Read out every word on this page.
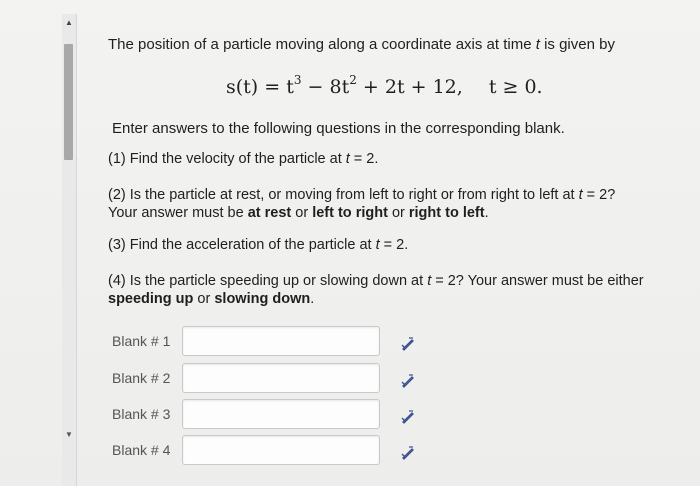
▲
▼
The position of a particle moving along a coordinate axis at time t is given by
$s(t) = t^3 - 8t^2 + 2t + 12$, t ≥ 0.
Enter answers to the following questions in the corresponding blank.
(1) Find the velocity of the particle at t = 2.
(2) Is the particle at rest, or moving from left to right or from right to left at t = 2?
Your answer must be at rest or left to right or right to left.
(3) Find the acceleration of the particle at t = 2.
(4) Is the particle speeding up or slowing down at t = 2? Your answer must be either
speeding up or slowing down.
Blank # 1
Blank # 2
Blank # 3
Blank # 4
